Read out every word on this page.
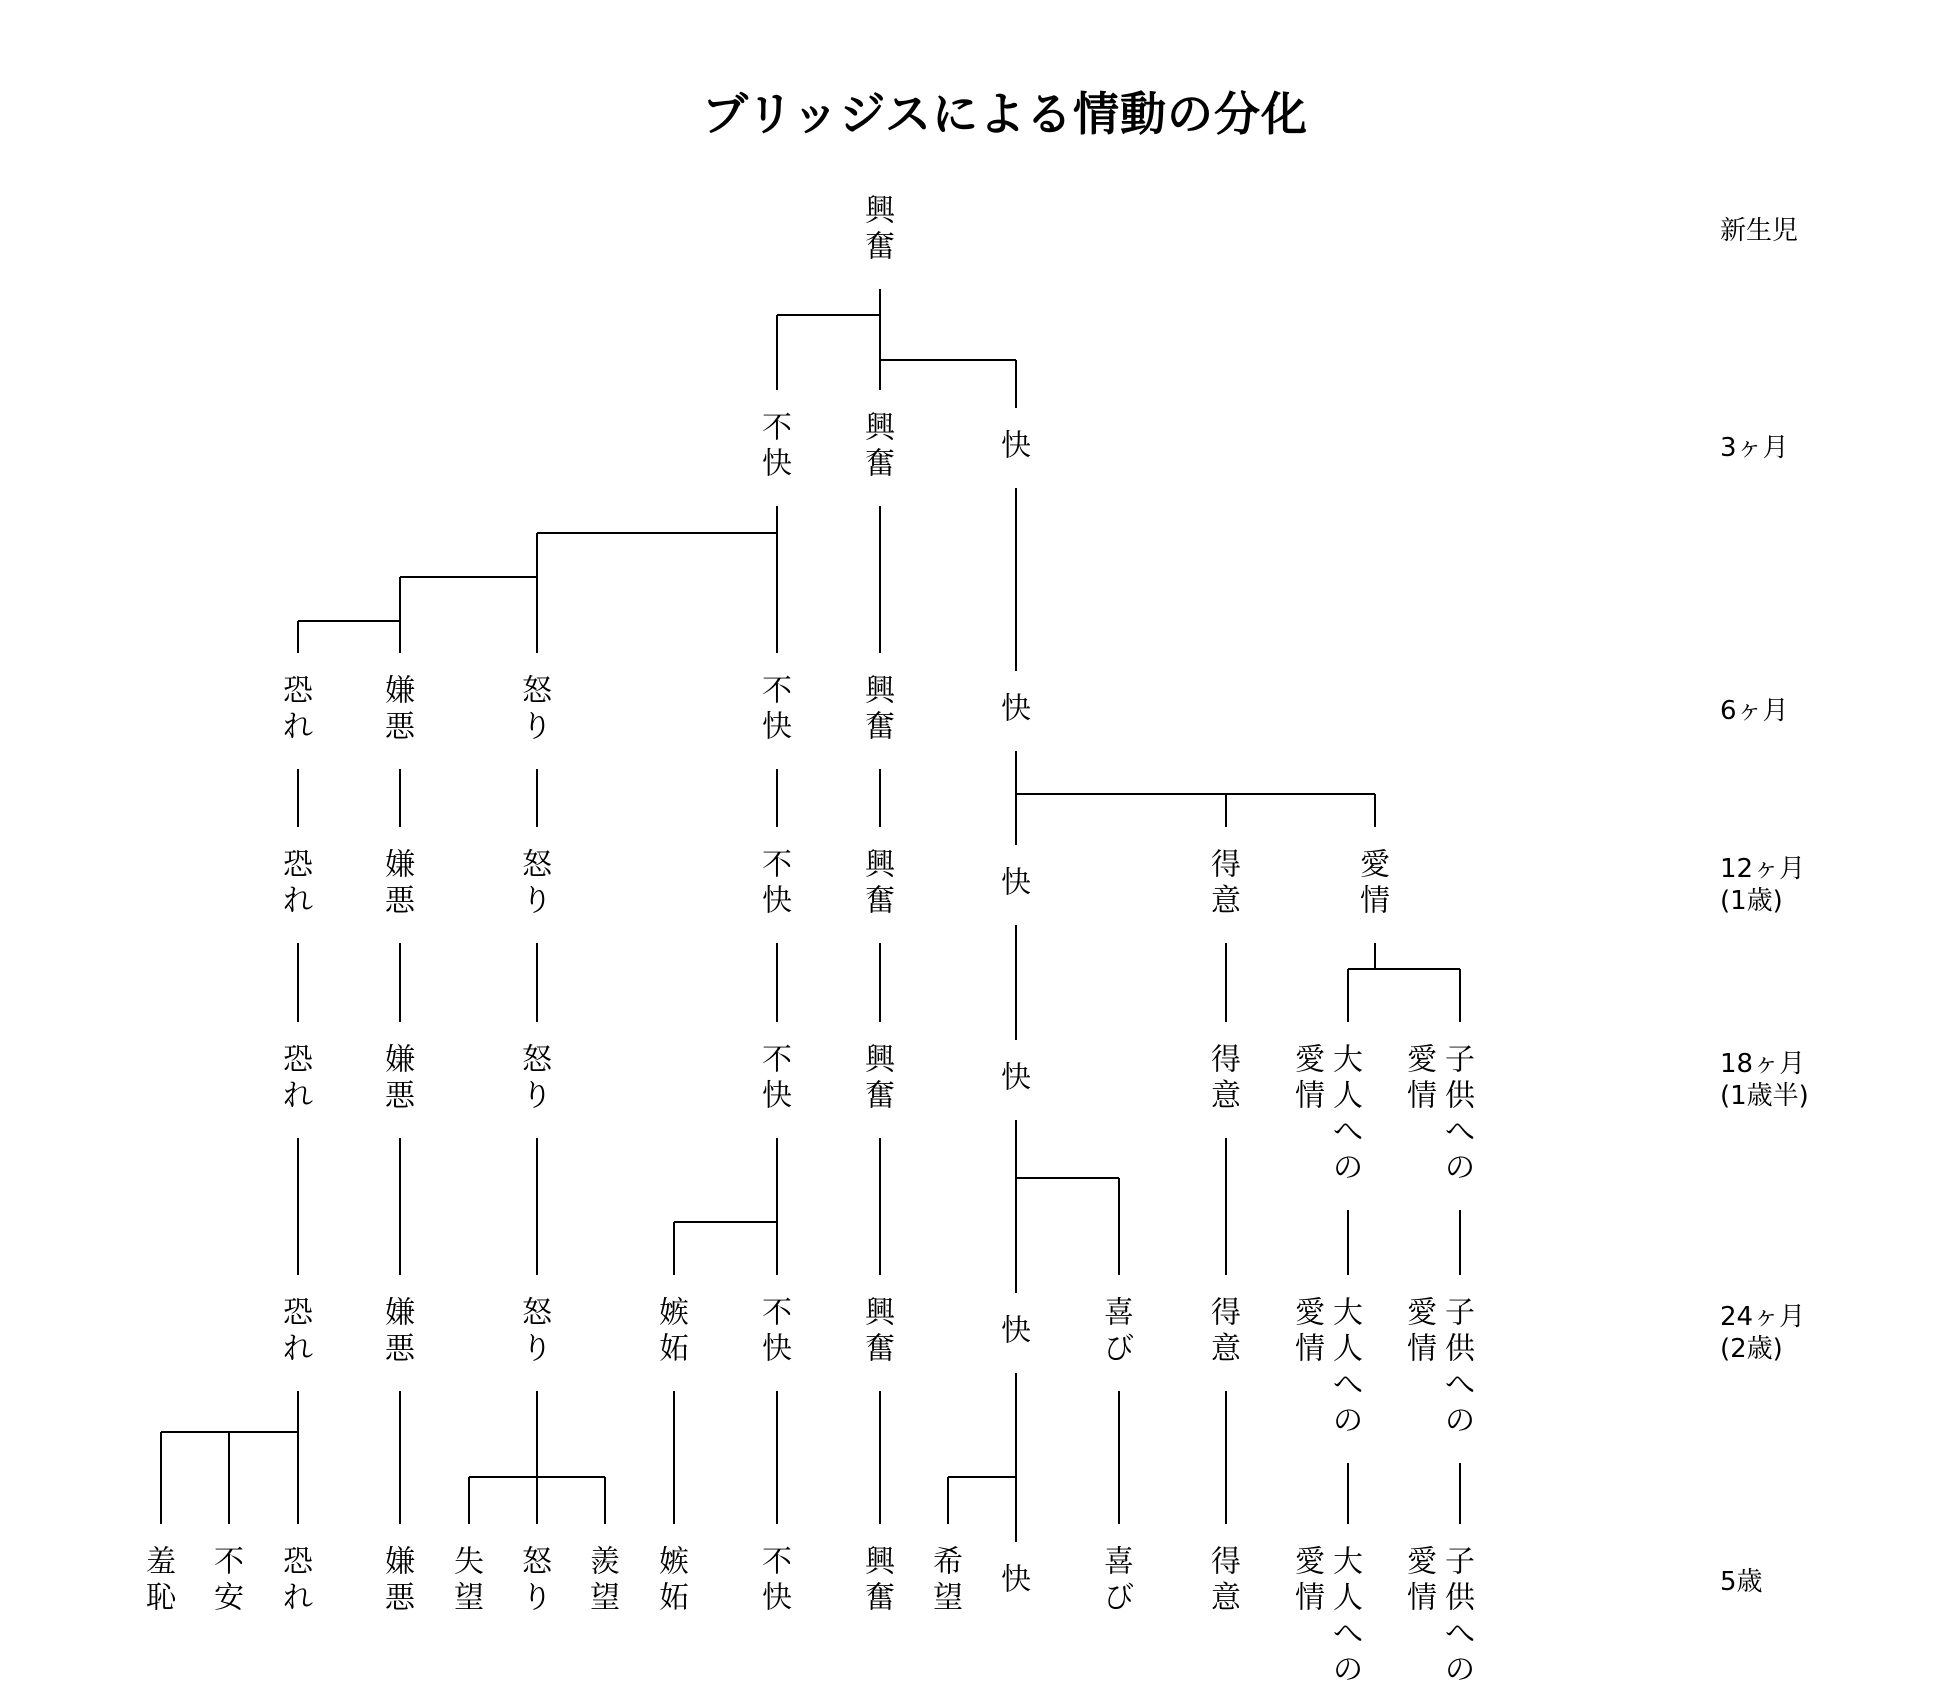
ブリッジスによる情動の分化
興
奮
不
快
興
奮
快
恐
れ
嫌
悪
怒
り
不
快
興
奮
快
恐
れ
嫌
悪
怒
り
不
快
興
奮
快
得
意
愛
情
恐
れ
嫌
悪
怒
り
不
快
興
奮
快
得
意
愛
情
大
人
へ
の
愛
情
子
供
へ
の
恐
れ
嫌
悪
怒
り
嫉
妬
不
快
興
奮
快
喜
び
得
意
愛
情
大
人
へ
の
愛
情
子
供
へ
の
羞
恥
不
安
恐
れ
嫌
悪
失
望
怒
り
羨
望
嫉
妬
不
快
興
奮
希
望
快
喜
び
得
意
愛
情
大
人
へ
の
愛
情
子
供
へ
の
新生児
3ヶ月
6ヶ月
12ヶ月
(1歳)
18ヶ月
(1歳半)
24ヶ月
(2歳)
5歳
